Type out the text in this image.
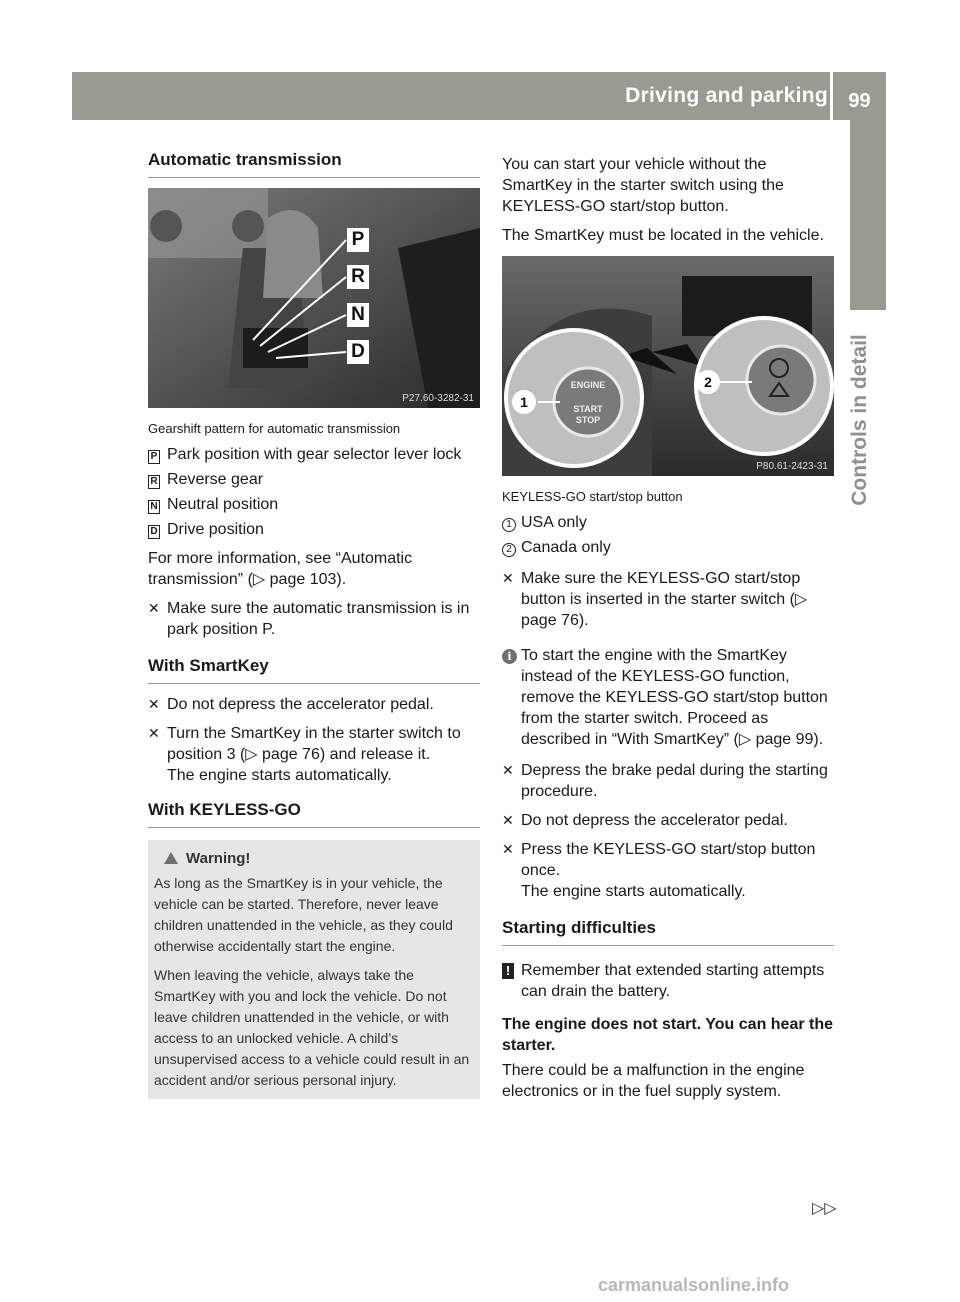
Driving and parking	99
Controls in detail
Automatic transmission
P
R
N
D
P27.60-3282-31
Gearshift pattern for automatic transmission
P Park position with gear selector lever lock
R Reverse gear
N Neutral position
D Drive position

For more information, see “Automatic transmission” (▷ page 103).

✕ Make sure the automatic transmission is in park position P.
With SmartKey
✕ Do not depress the accelerator pedal.
✕ Turn the SmartKey in the starter switch to position 3 (▷ page 76) and release it.
The engine starts automatically.
With KEYLESS-GO
Warning!

As long as the SmartKey is in your vehicle, the vehicle can be started. Therefore, never leave children unattended in the vehicle, as they could otherwise accidentally start the engine.

When leaving the vehicle, always take the SmartKey with you and lock the vehicle. Do not leave children unattended in the vehicle, or with access to an unlocked vehicle. A child’s unsupervised access to a vehicle could result in an accident and/or serious personal injury.

You can start your vehicle without the SmartKey in the starter switch using the KEYLESS-GO start/stop button.

The SmartKey must be located in the vehicle.

1
2
ENGINE
START
STOP
P80.61-2423-31
KEYLESS-GO start/stop button
1 USA only
2 Canada only
✕ Make sure the KEYLESS-GO start/stop button is inserted in the starter switch (▷ page 76).
i To start the engine with the SmartKey instead of the KEYLESS-GO function, remove the KEYLESS-GO start/stop button from the starter switch. Proceed as described in “With SmartKey” (▷ page 99).
✕ Depress the brake pedal during the starting procedure.
✕ Do not depress the accelerator pedal.
✕ Press the KEYLESS-GO start/stop button once.
The engine starts automatically.
Starting difficulties
! Remember that extended starting attempts can drain the battery.
The engine does not start. You can hear the starter.

There could be a malfunction in the engine electronics or in the fuel supply system.

▷▷
carmanualsonline.info
